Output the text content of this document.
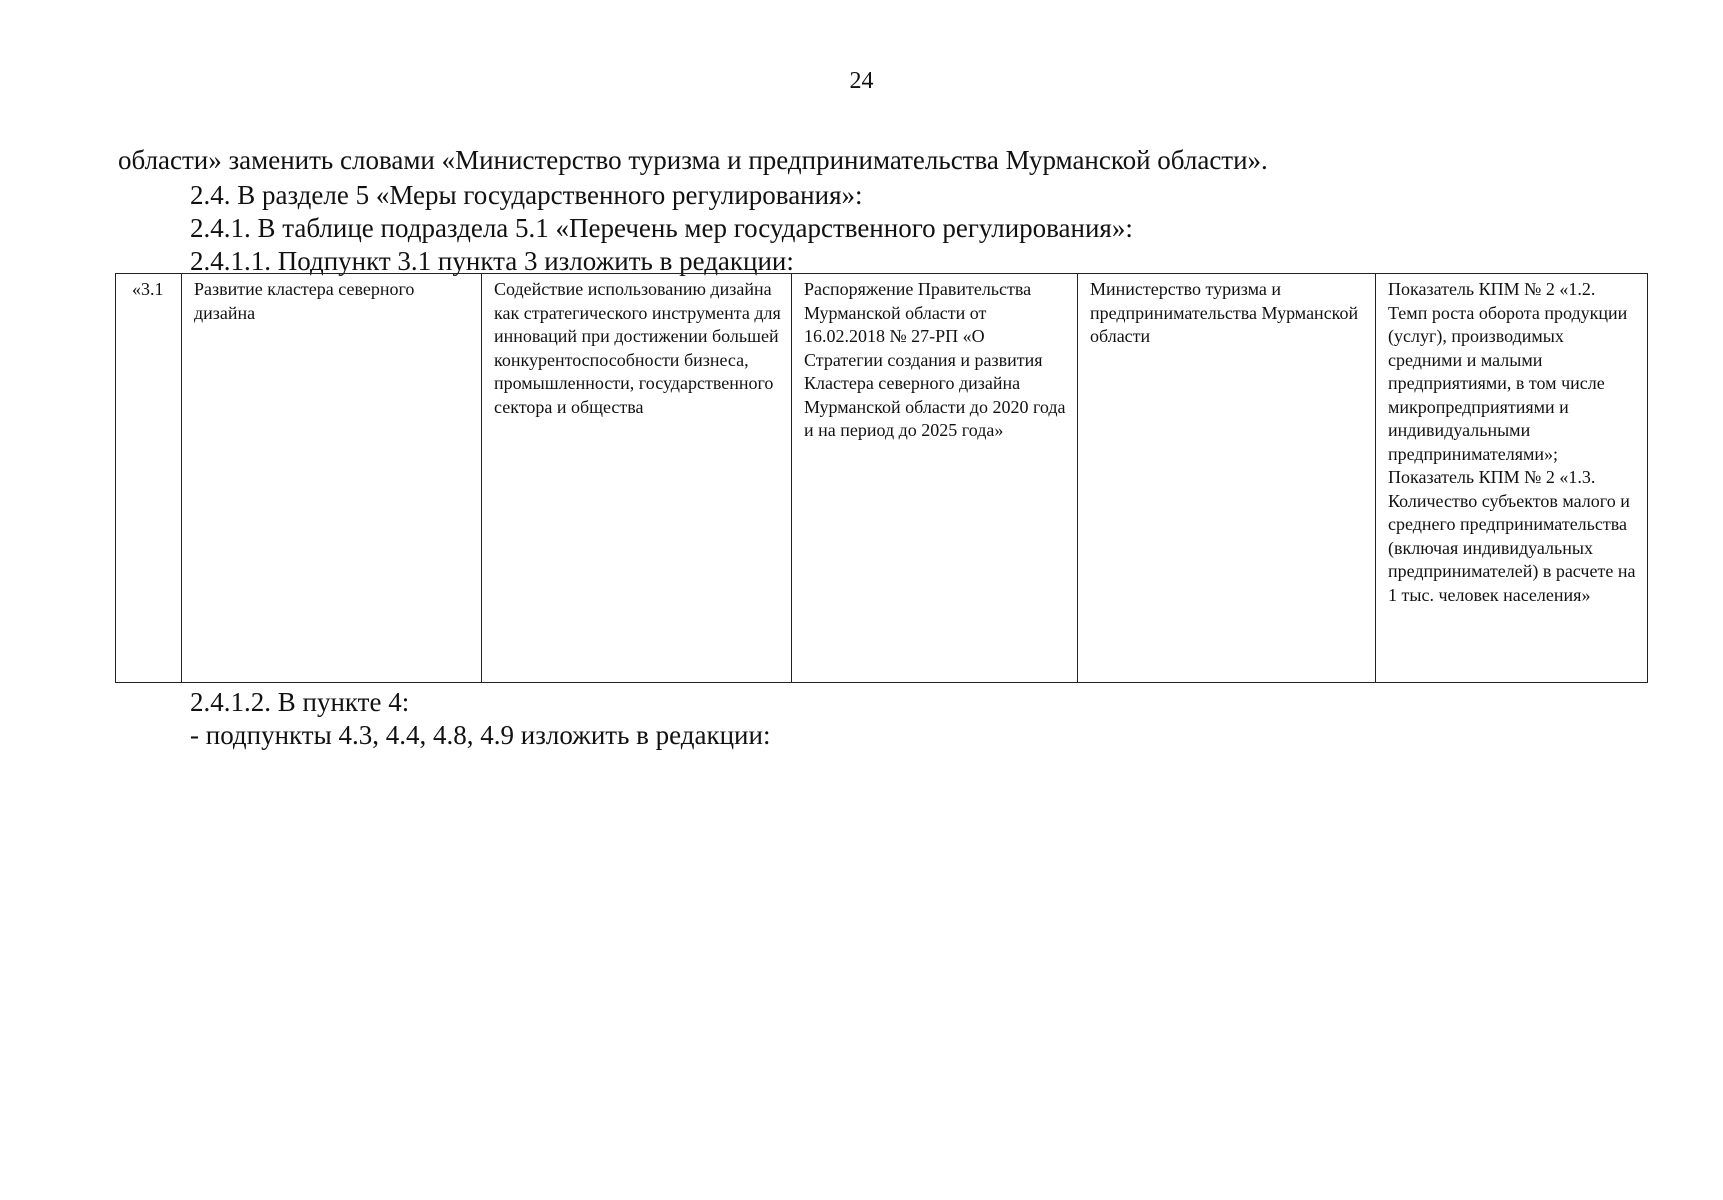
24
области» заменить словами «Министерство туризма и предпринимательства Мурманской области».
2.4. В разделе 5 «Меры государственного регулирования»:
2.4.1. В таблице подраздела 5.1 «Перечень мер государственного регулирования»:
2.4.1.1. Подпункт 3.1 пункта 3 изложить в редакции:
«3.1	Развитие кластера северного дизайна	Содействие использованию дизайна как стратегического инструмента для инноваций при достижении большей конкурентоспособности бизнеса, промышленности, государственного сектора и общества	Распоряжение Правительства Мурманской области от 16.02.2018 № 27-РП «О Стратегии создания и развития Кластера северного дизайна Мурманской области до 2020 года и на период до 2025 года»	Министерство туризма и предпринимательства Мурманской области	Показатель КПМ № 2 «1.2. Темп роста оборота продукции (услуг), производимых средними и малыми предприятиями, в том числе микропредприятиями и индивидуальными предпринимателями»; Показатель КПМ № 2 «1.3. Количество субъектов малого и среднего предпринимательства (включая индивидуальных предпринимателей) в расчете на 1 тыс. человек населения»
2.4.1.2. В пункте 4:
- подпункты 4.3, 4.4, 4.8, 4.9 изложить в редакции:
